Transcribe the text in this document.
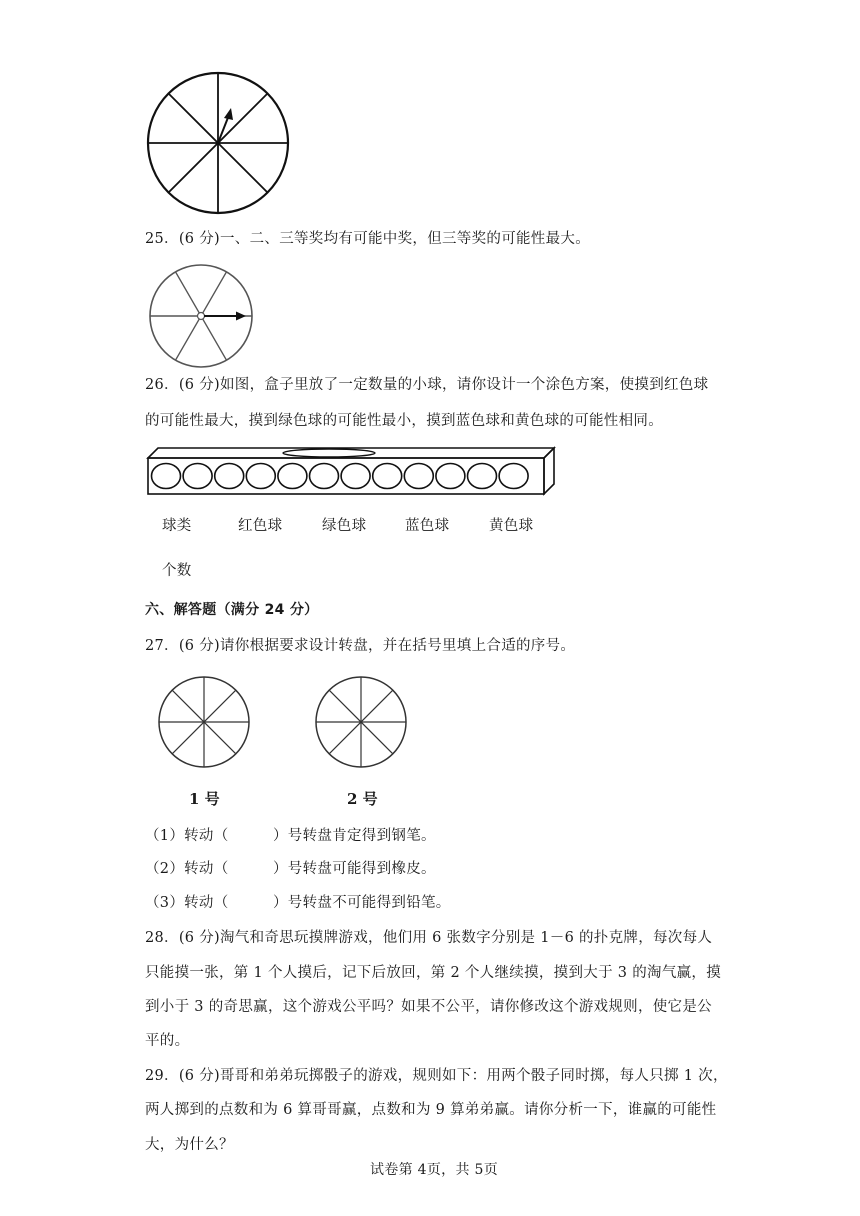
25．(6 分)一、二、三等奖均有可能中奖，但三等奖的可能性最大。
26．(6 分)如图，盒子里放了一定数量的小球，请你设计一个涂色方案，使摸到红色球
的可能性最大，摸到绿色球的可能性最小，摸到蓝色球和黄色球的可能性相同。
球类	红色球	绿色球	蓝色球	黄色球
个数
六、解答题（满分 24 分）
27．(6 分)请你根据要求设计转盘，并在括号里填上合适的序号。
1 号	2 号
（1）转动（	）号转盘肯定得到钢笔。
（2）转动（	）号转盘可能得到橡皮。
（3）转动（	）号转盘不可能得到铅笔。
28．(6 分)淘气和奇思玩摸牌游戏，他们用 6 张数字分别是 1－6 的扑克牌，每次每人
只能摸一张，第 1 个人摸后，记下后放回，第 2 个人继续摸，摸到大于 3 的淘气赢，摸
到小于 3 的奇思赢，这个游戏公平吗？如果不公平，请你修改这个游戏规则，使它是公
平的。
29．(6 分)哥哥和弟弟玩掷骰子的游戏，规则如下：用两个骰子同时掷，每人只掷 1 次，
两人掷到的点数和为 6 算哥哥赢，点数和为 9 算弟弟赢。请你分析一下，谁赢的可能性
大，为什么？
试卷第 4页，共 5页
